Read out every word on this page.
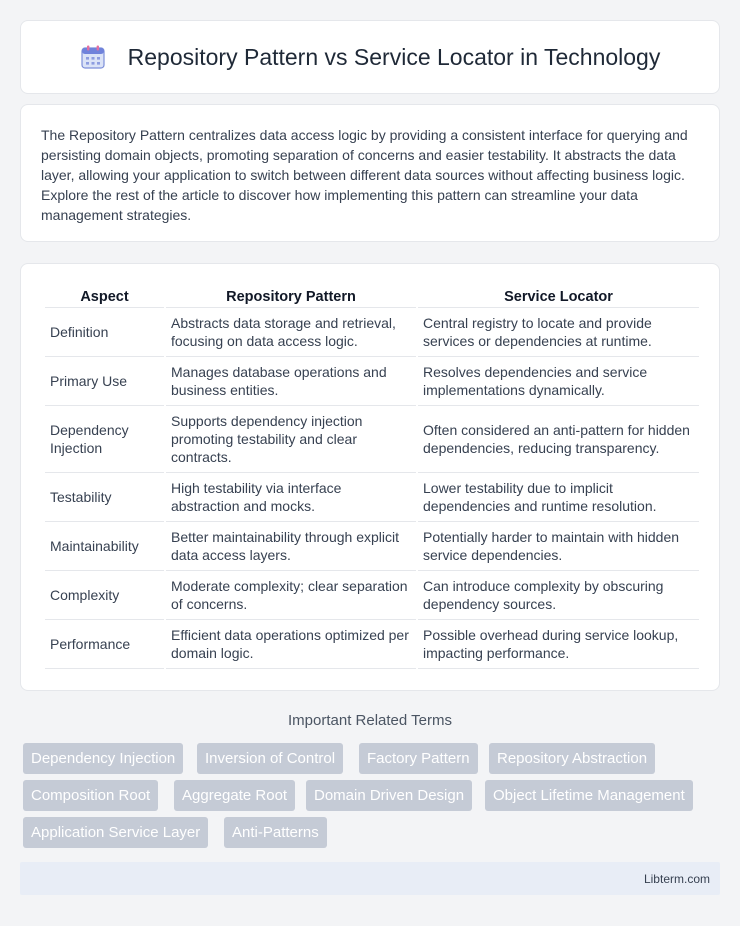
Repository Pattern vs Service Locator in Technology

The Repository Pattern centralizes data access logic by providing a consistent interface for querying and persisting domain objects, promoting separation of concerns and easier testability. It abstracts the data layer, allowing your application to switch between different data sources without affecting business logic. Explore the rest of the article to discover how implementing this pattern can streamline your data management strategies.

Aspect	Repository Pattern	Service Locator
Definition	Abstracts data storage and retrieval, focusing on data access logic.	Central registry to locate and provide services or dependencies at runtime.
Primary Use	Manages database operations and business entities.	Resolves dependencies and service implementations dynamically.
Dependency Injection	Supports dependency injection promoting testability and clear contracts.	Often considered an anti-pattern for hidden dependencies, reducing transparency.
Testability	High testability via interface abstraction and mocks.	Lower testability due to implicit dependencies and runtime resolution.
Maintainability	Better maintainability through explicit data access layers.	Potentially harder to maintain with hidden service dependencies.
Complexity	Moderate complexity; clear separation of concerns.	Can introduce complexity by obscuring dependency sources.
Performance	Efficient data operations optimized per domain logic.	Possible overhead during service lookup, impacting performance.
Important Related Terms
Dependency Injection	Inversion of Control	Factory Pattern	Repository Abstraction
Composition Root	Aggregate Root	Domain Driven Design	Object Lifetime Management
Application Service Layer	Anti-Patterns
Libterm.com
